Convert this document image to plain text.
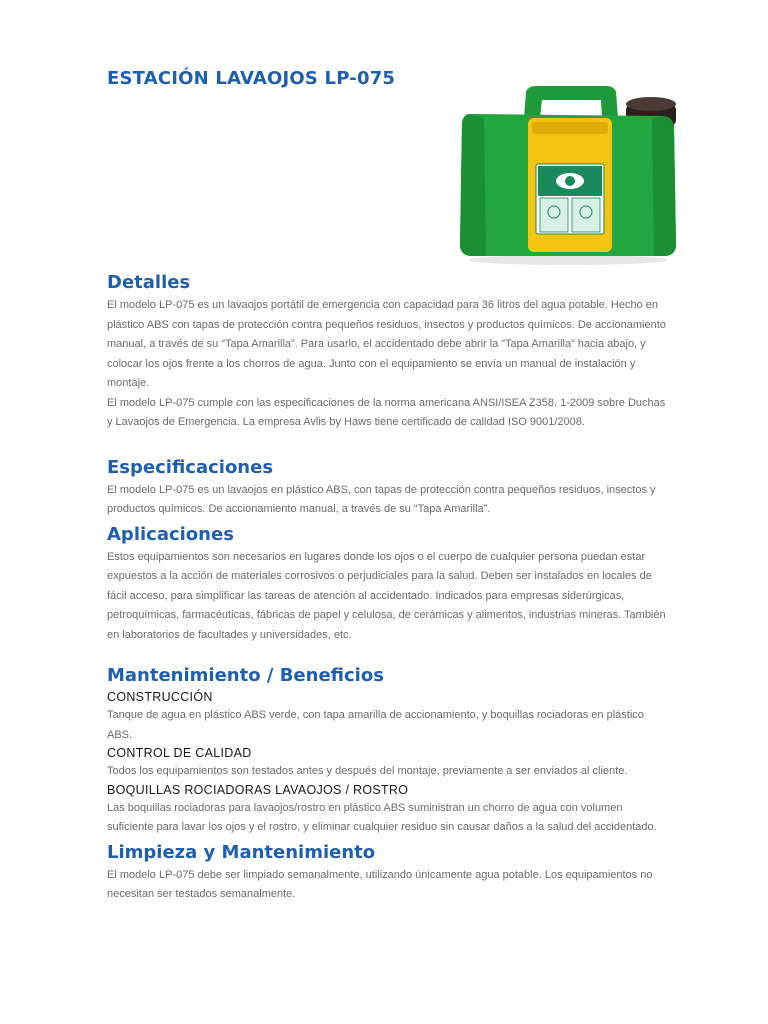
ESTACIÓN LAVAOJOS LP-075
Detalles

El modelo LP-075 es un lavaojos portátil de emergencia con capacidad para 36 litros del agua potable. Hecho en plástico ABS con tapas de protección contra pequeños residuos, insectos y productos químicos. De accionamiento manual, a través de su “Tapa Amarilla”. Para usarlo, el accidentado debe abrir la “Tapa Amarilla” hacia abajo, y colocar los ojos frente a los chorros de agua. Junto con el equipamiento se envía un manual de instalación y montaje.

El modelo LP-075 cumple con las especificaciones de la norma americana ANSI/ISEA Z358. 1-2009 sobre Duchas y Lavaojos de Emergencia. La empresa Avlis by Haws tiene certificado de calidad ISO 9001/2008.

Especificaciones

El modelo LP-075 es un lavaojos en plástico ABS, con tapas de protección contra pequeños residuos, insectos y productos químicos. De accionamiento manual, a través de su “Tapa Amarilla”.

Aplicaciones

Estos equipamientos son necesarios en lugares donde los ojos o el cuerpo de cualquier persona puedan estar expuestos a la acción de materiales corrosivos o perjudiciales para la salud. Deben ser instalados en locales de fácil acceso, para simplificar las tareas de atención al accidentado. Indicados para empresas siderúrgicas, petroquímicas, farmacéuticas, fábricas de papel y celulosa, de cerámicas y alimentos, industrias mineras. También en laboratorios de facultades y universidades, etc.

Mantenimiento / Beneficios
CONSTRUCCIÓN

Tanque de agua en plástico ABS verde, con tapa amarilla de accionamiento, y boquillas rociadoras en plástico ABS.

CONTROL DE CALIDAD

Todos los equipamientos son testados antes y después del montaje, previamente a ser enviados al cliente.

BOQUILLAS ROCIADORAS LAVAOJOS / ROSTRO

Las boquillas rociadoras para lavaojos/rostro en plástico ABS suministran un chorro de agua con volumen suficiente para lavar los ojos y el rostro, y eliminar cualquier residuo sin causar daños a la salud del accidentado.

Limpieza y Mantenimiento

El modelo LP-075 debe ser limpiado semanalmente, utilizando únicamente agua potable. Los equipamientos no necesitan ser testados semanalmente.
